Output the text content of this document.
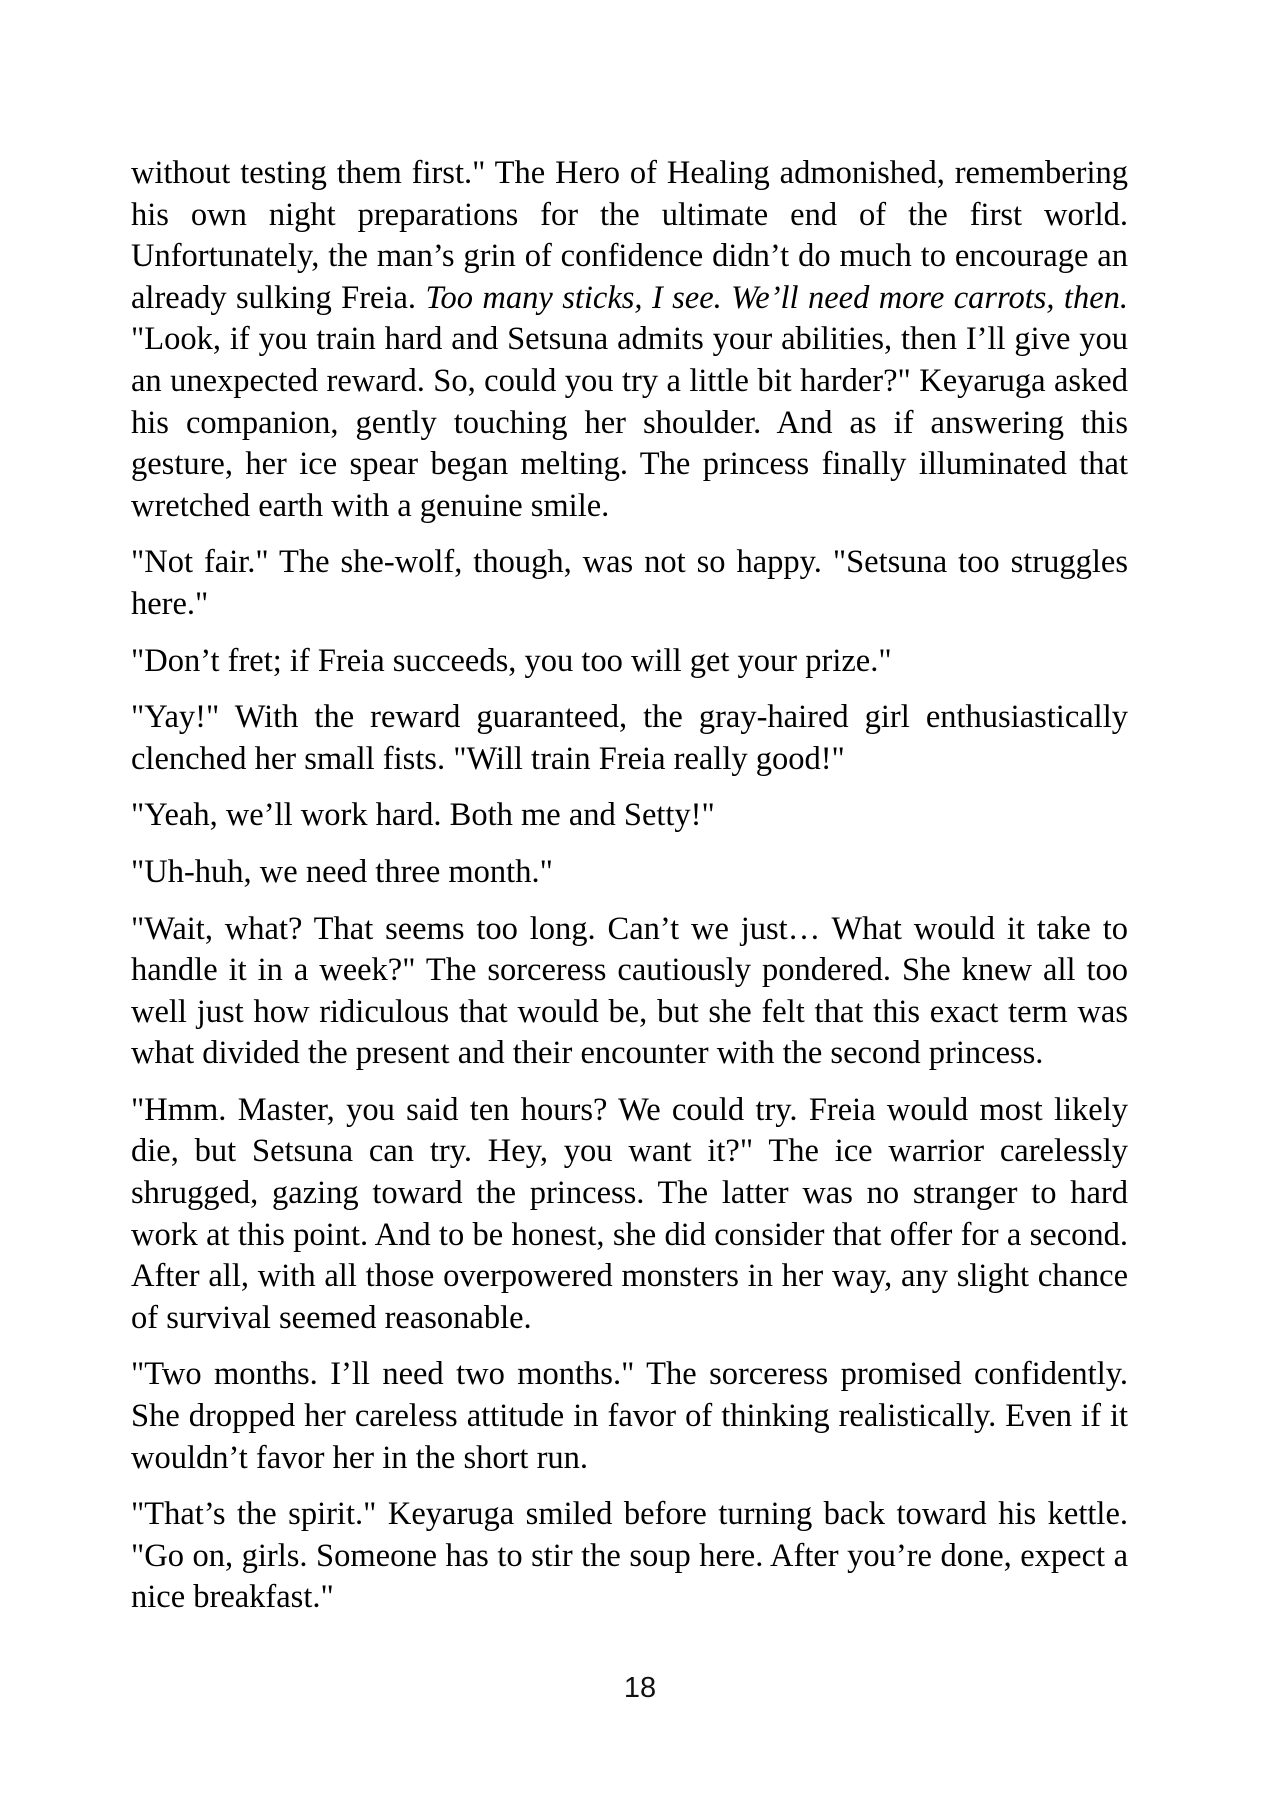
without testing them first." The Hero of Healing admonished, remembering his own night preparations for the ultimate end of the first world. Unfortunately, the man’s grin of confidence didn’t do much to encourage an already sulking Freia. Too many sticks, I see. We’ll need more carrots, then. "Look, if you train hard and Setsuna admits your abilities, then I’ll give you an unexpected reward. So, could you try a little bit harder?" Keyaruga asked his companion, gently touching her shoulder. And as if answering this gesture, her ice spear began melting. The princess finally illuminated that wretched earth with a genuine smile.

"Not fair." The she-wolf, though, was not so happy. "Setsuna too struggles here."

"Don’t fret; if Freia succeeds, you too will get your prize."

"Yay!" With the reward guaranteed, the gray-haired girl enthusiastically clenched her small fists. "Will train Freia really good!"

"Yeah, we’ll work hard. Both me and Setty!"

"Uh-huh, we need three month."

"Wait, what? That seems too long. Can’t we just… What would it take to handle it in a week?" The sorceress cautiously pondered. She knew all too well just how ridiculous that would be, but she felt that this exact term was what divided the present and their encounter with the second princess.

"Hmm. Master, you said ten hours? We could try. Freia would most likely die, but Setsuna can try. Hey, you want it?" The ice warrior carelessly shrugged, gazing toward the princess. The latter was no stranger to hard work at this point. And to be honest, she did consider that offer for a second. After all, with all those overpowered monsters in her way, any slight chance of survival seemed reasonable.

"Two months. I’ll need two months." The sorceress promised confidently. She dropped her careless attitude in favor of thinking realistically. Even if it wouldn’t favor her in the short run.

"That’s the spirit." Keyaruga smiled before turning back toward his kettle. "Go on, girls. Someone has to stir the soup here. After you’re done, expect a nice breakfast."

18
